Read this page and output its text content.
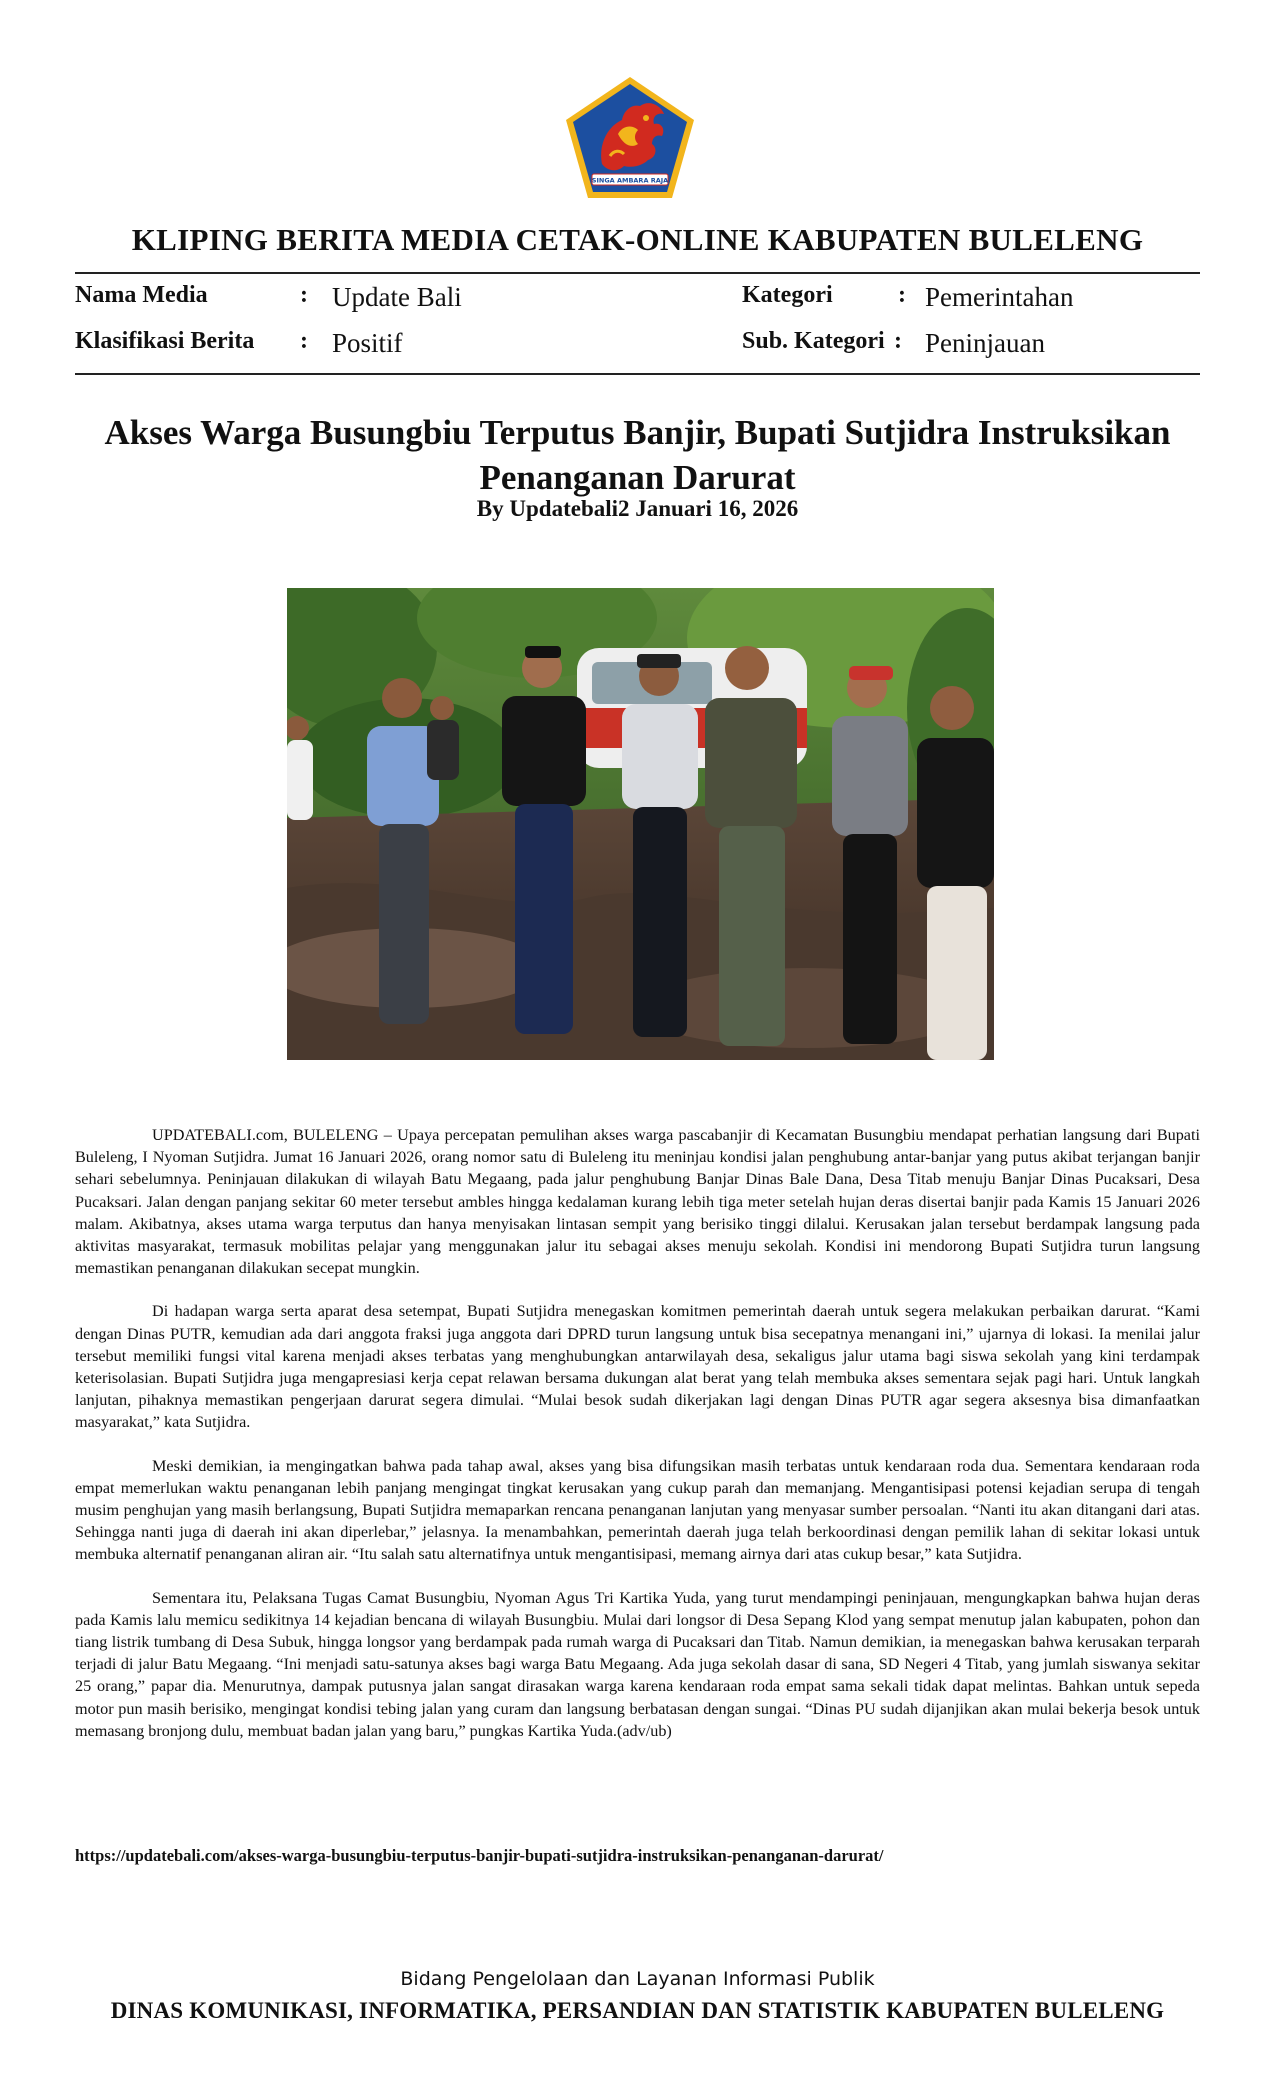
SINGA AMBARA RAJA
KLIPING BERITA MEDIA CETAK-ONLINE KABUPATEN BULELENG
Nama Media	: Update Bali
Klasifikasi Berita : Positif
Kategori	: Pemerintahan
Sub. Kategori : Peninjauan
Akses Warga Busungbiu Terputus Banjir, Bupati Sutjidra Instruksikan Penanganan Darurat
By Updatebali2 Januari 16, 2026

UPDATEBALI.com, BULELENG – Upaya percepatan pemulihan akses warga pascabanjir di Kecamatan Busungbiu mendapat perhatian langsung dari Bupati Buleleng, I Nyoman Sutjidra. Jumat 16 Januari 2026, orang nomor satu di Buleleng itu meninjau kondisi jalan penghubung antar-banjar yang putus akibat terjangan banjir sehari sebelumnya. Peninjauan dilakukan di wilayah Batu Megaang, pada jalur penghubung Banjar Dinas Bale Dana, Desa Titab menuju Banjar Dinas Pucaksari, Desa Pucaksari. Jalan dengan panjang sekitar 60 meter tersebut ambles hingga kedalaman kurang lebih tiga meter setelah hujan deras disertai banjir pada Kamis 15 Januari 2026 malam. Akibatnya, akses utama warga terputus dan hanya menyisakan lintasan sempit yang berisiko tinggi dilalui. Kerusakan jalan tersebut berdampak langsung pada aktivitas masyarakat, termasuk mobilitas pelajar yang menggunakan jalur itu sebagai akses menuju sekolah. Kondisi ini mendorong Bupati Sutjidra turun langsung memastikan penanganan dilakukan secepat mungkin.

Di hadapan warga serta aparat desa setempat, Bupati Sutjidra menegaskan komitmen pemerintah daerah untuk segera melakukan perbaikan darurat. “Kami dengan Dinas PUTR, kemudian ada dari anggota fraksi juga anggota dari DPRD turun langsung untuk bisa secepatnya menangani ini,” ujarnya di lokasi. Ia menilai jalur tersebut memiliki fungsi vital karena menjadi akses terbatas yang menghubungkan antarwilayah desa, sekaligus jalur utama bagi siswa sekolah yang kini terdampak keterisolasian. Bupati Sutjidra juga mengapresiasi kerja cepat relawan bersama dukungan alat berat yang telah membuka akses sementara sejak pagi hari. Untuk langkah lanjutan, pihaknya memastikan pengerjaan darurat segera dimulai. “Mulai besok sudah dikerjakan lagi dengan Dinas PUTR agar segera aksesnya bisa dimanfaatkan masyarakat,” kata Sutjidra.

Meski demikian, ia mengingatkan bahwa pada tahap awal, akses yang bisa difungsikan masih terbatas untuk kendaraan roda dua. Sementara kendaraan roda empat memerlukan waktu penanganan lebih panjang mengingat tingkat kerusakan yang cukup parah dan memanjang. Mengantisipasi potensi kejadian serupa di tengah musim penghujan yang masih berlangsung, Bupati Sutjidra memaparkan rencana penanganan lanjutan yang menyasar sumber persoalan. “Nanti itu akan ditangani dari atas. Sehingga nanti juga di daerah ini akan diperlebar,” jelasnya. Ia menambahkan, pemerintah daerah juga telah berkoordinasi dengan pemilik lahan di sekitar lokasi untuk membuka alternatif penanganan aliran air. “Itu salah satu alternatifnya untuk mengantisipasi, memang airnya dari atas cukup besar,” kata Sutjidra.

Sementara itu, Pelaksana Tugas Camat Busungbiu, Nyoman Agus Tri Kartika Yuda, yang turut mendampingi peninjauan, mengungkapkan bahwa hujan deras pada Kamis lalu memicu sedikitnya 14 kejadian bencana di wilayah Busungbiu. Mulai dari longsor di Desa Sepang Klod yang sempat menutup jalan kabupaten, pohon dan tiang listrik tumbang di Desa Subuk, hingga longsor yang berdampak pada rumah warga di Pucaksari dan Titab. Namun demikian, ia menegaskan bahwa kerusakan terparah terjadi di jalur Batu Megaang. “Ini menjadi satu-satunya akses bagi warga Batu Megaang. Ada juga sekolah dasar di sana, SD Negeri 4 Titab, yang jumlah siswanya sekitar 25 orang,” papar dia. Menurutnya, dampak putusnya jalan sangat dirasakan warga karena kendaraan roda empat sama sekali tidak dapat melintas. Bahkan untuk sepeda motor pun masih berisiko, mengingat kondisi tebing jalan yang curam dan langsung berbatasan dengan sungai. “Dinas PU sudah dijanjikan akan mulai bekerja besok untuk memasang bronjong dulu, membuat badan jalan yang baru,” pungkas Kartika Yuda.(adv/ub)

https://updatebali.com/akses-warga-busungbiu-terputus-banjir-bupati-sutjidra-instruksikan-penanganan-darurat/
Bidang Pengelolaan dan Layanan Informasi Publik
DINAS KOMUNIKASI, INFORMATIKA, PERSANDIAN DAN STATISTIK KABUPATEN BULELENG
